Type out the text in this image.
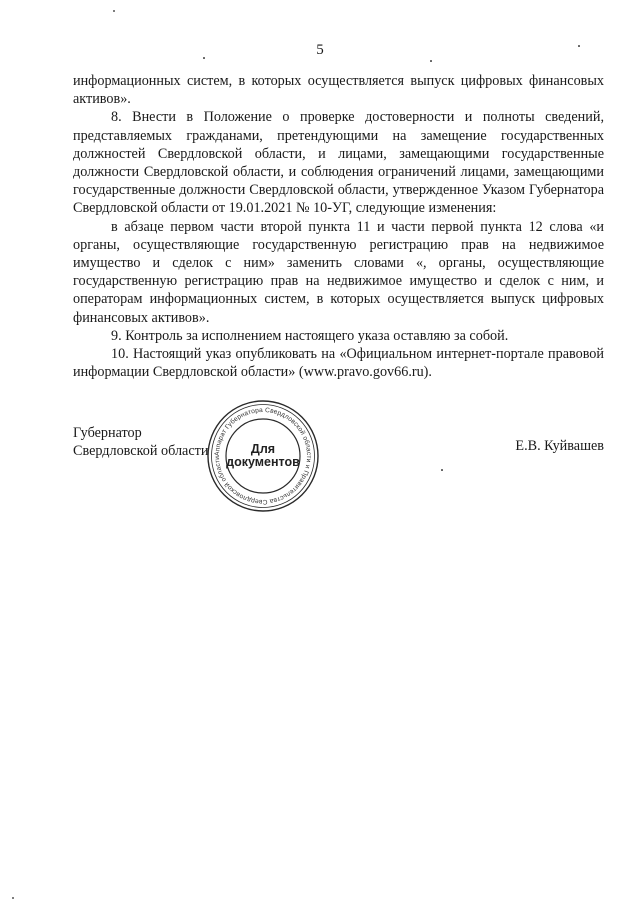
5

информационных систем, в которых осуществляется выпуск цифровых финансовых активов».

8. Внести в Положение о проверке достоверности и полноты сведений, представляемых гражданами, претендующими на замещение государственных должностей Свердловской области, и лицами, замещающими государственные должности Свердловской области, и соблюдения ограничений лицами, замещающими государственные должности Свердловской области, утвержденное Указом Губернатора Свердловской области от 19.01.2021 № 10-УГ, следующие изменения:

в абзаце первом части второй пункта 11 и части первой пункта 12 слова «и органы, осуществляющие государственную регистрацию прав на недвижимое имущество и сделок с ним» заменить словами «, органы, осуществляющие государственную регистрацию прав на недвижимое имущество и сделок с ним, и операторам информационных систем, в которых осуществляется выпуск цифровых финансовых активов».

9. Контроль за исполнением настоящего указа оставляю за собой.

10. Настоящий указ опубликовать на «Официальном интернет-портале правовой информации Свердловской области» (www.pravo.gov66.ru).

Губернатор
Свердловской области	Е.В. Куйвашев
Аппарат Губернатора Свердловской области и Правительства Свердловской области
Для
документов
